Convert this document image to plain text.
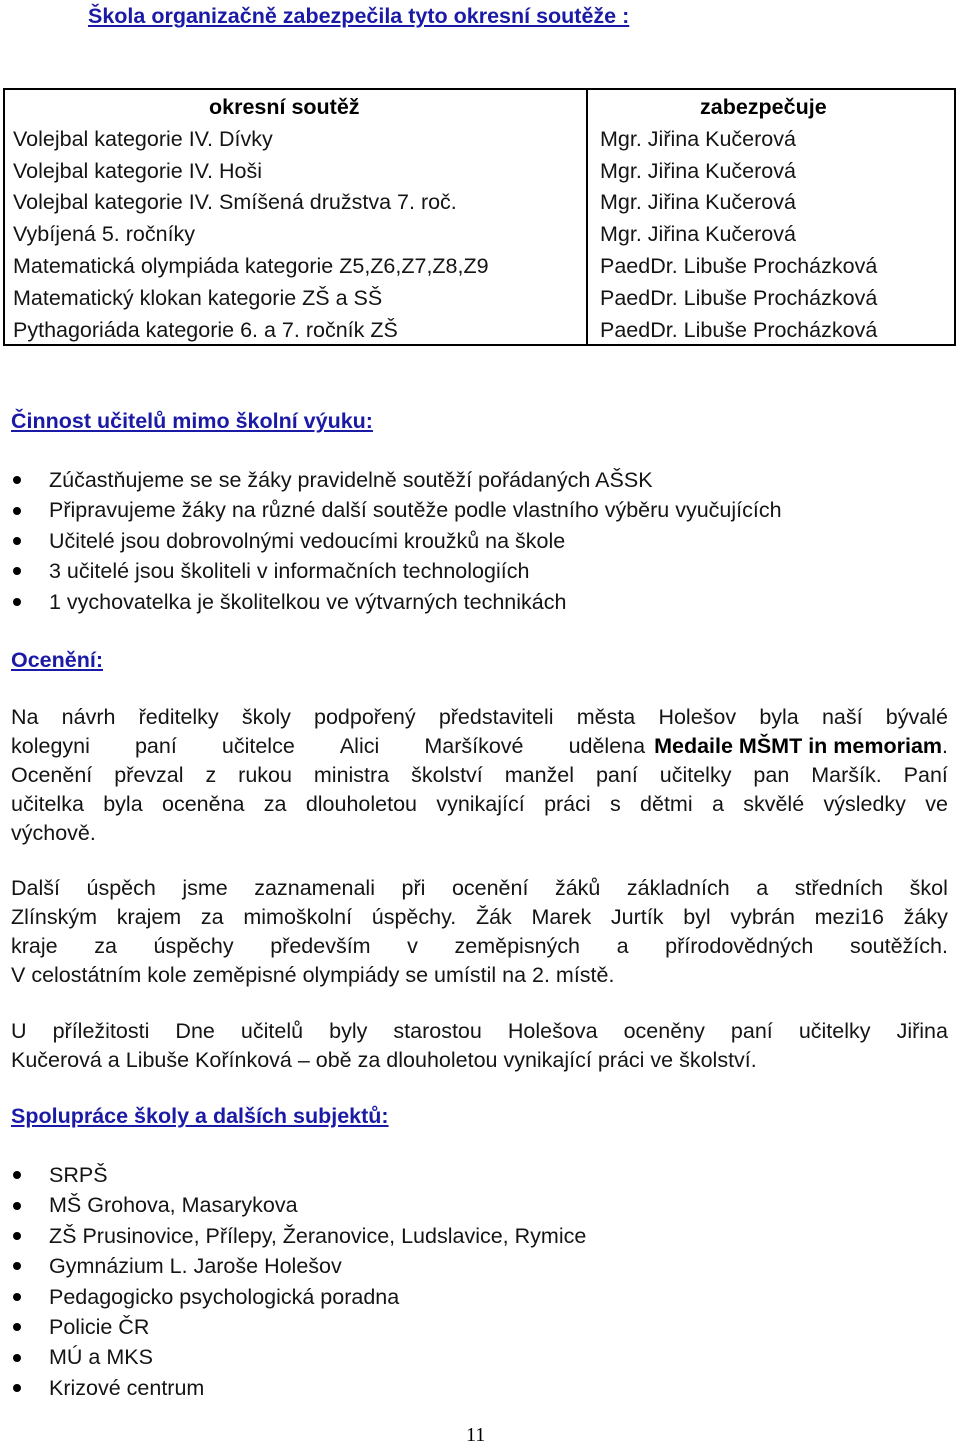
Škola organizačně zabezpečila tyto okresní soutěže :
okresní soutěž
Volejbal kategorie IV. Dívky
Volejbal kategorie IV. Hoši
Volejbal kategorie IV. Smíšená družstva 7. roč.
Vybíjená 5. ročníky
Matematická olympiáda kategorie Z5,Z6,Z7,Z8,Z9
Matematický klokan kategorie ZŠ a SŠ
Pythagoriáda kategorie 6. a 7. ročník ZŠ
zabezpečuje
Mgr. Jiřina Kučerová
Mgr. Jiřina Kučerová
Mgr. Jiřina Kučerová
Mgr. Jiřina Kučerová
PaedDr. Libuše Procházková
PaedDr. Libuše Procházková
PaedDr. Libuše Procházková
Činnost učitelů mimo školní výuku:
Zúčastňujeme se se žáky pravidelně soutěží pořádaných AŠSK
Připravujeme žáky na různé další soutěže podle vlastního výběru vyučujících
Učitelé jsou dobrovolnými vedoucími kroužků na škole
3 učitelé jsou školiteli v informačních technologiích
1 vychovatelka je školitelkou ve výtvarných technikách
Ocenění:
Na návrh ředitelky školy podpořený představiteli města Holešov byla naší bývalé
kolegyni paní učitelce Alici Maršíkové udělena Medaile MŠMT in memoriam.
Ocenění převzal z rukou ministra školství manžel paní učitelky pan Maršík. Paní
učitelka byla oceněna za dlouholetou vynikající práci s dětmi a skvělé výsledky ve
výchově.
Další úspěch jsme zaznamenali při ocenění žáků základních a středních škol
Zlínským krajem za mimoškolní úspěchy. Žák Marek Jurtík byl vybrán mezi16 žáky
kraje za úspěchy především v zeměpisných a přírodovědných soutěžích.
V celostátním kole zeměpisné olympiády se umístil na 2. místě.
U příležitosti Dne učitelů byly starostou Holešova oceněny paní učitelky Jiřina
Kučerová a Libuše Kořínková – obě za dlouholetou vynikající práci ve školství.
Spolupráce školy a dalších subjektů:
SRPŠ
MŠ Grohova, Masarykova
ZŠ Prusinovice, Přílepy, Žeranovice, Ludslavice, Rymice
Gymnázium L. Jaroše Holešov
Pedagogicko psychologická poradna
Policie ČR
MÚ a MKS
Krizové centrum
11
